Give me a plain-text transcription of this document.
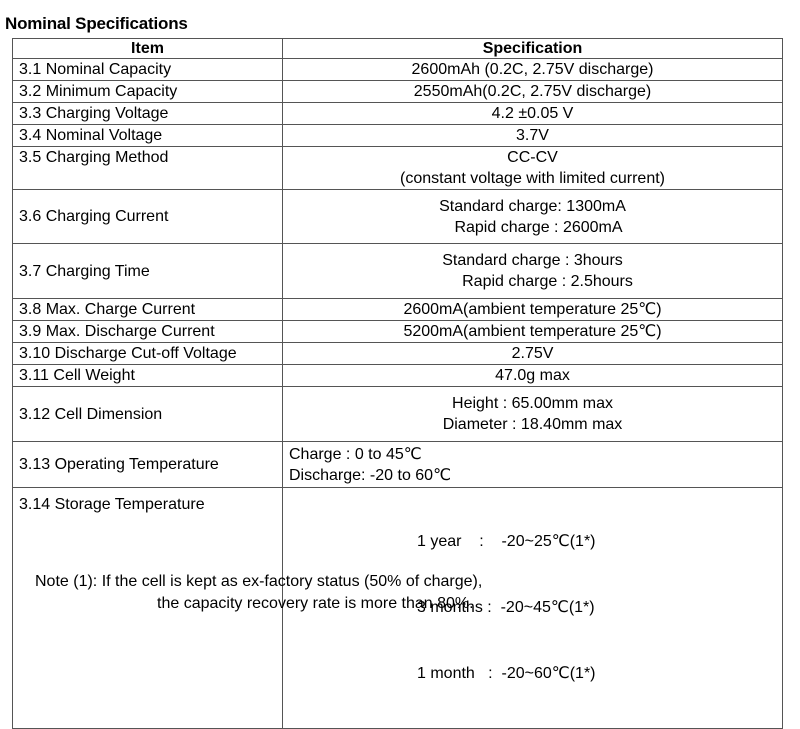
Nominal Specifications
Item	Specification
3.1 Nominal Capacity	2600mAh (0.2C, 2.75V discharge)

3.2 Minimum Capacity	2550mAh(0.2C, 2.75V discharge)

3.3 Charging Voltage	4.2 ±0.05 V

3.4 Nominal Voltage	3.7V

3.5 Charging Method	CC-CV
(constant voltage with limited current)

3.6 Charging Current	Standard charge: 1300mA
Rapid charge : 2600mA

3.7 Charging Time	Standard charge : 3hours
Rapid charge : 2.5hours

3.8 Max. Charge Current	2600mA(ambient temperature 25℃)

3.9 Max. Discharge Current	5200mA(ambient temperature 25℃)

3.10 Discharge Cut-off Voltage	2.75V

3.11 Cell Weight	47.0g max

3.12 Cell Dimension	Height : 65.00mm max
Diameter : 18.40mm max

3.13 Operating Temperature	Charge : 0 to 45℃
Discharge: -20 to 60℃

3.14 Storage Temperature	1 year    :    -20~25℃(1*)

3 months :  -20~45℃(1*)

1 month   :  -20~60℃(1*)

Note (1): If the cell is kept as ex-factory status (50% of charge),
the capacity recovery rate is more than 80%.
